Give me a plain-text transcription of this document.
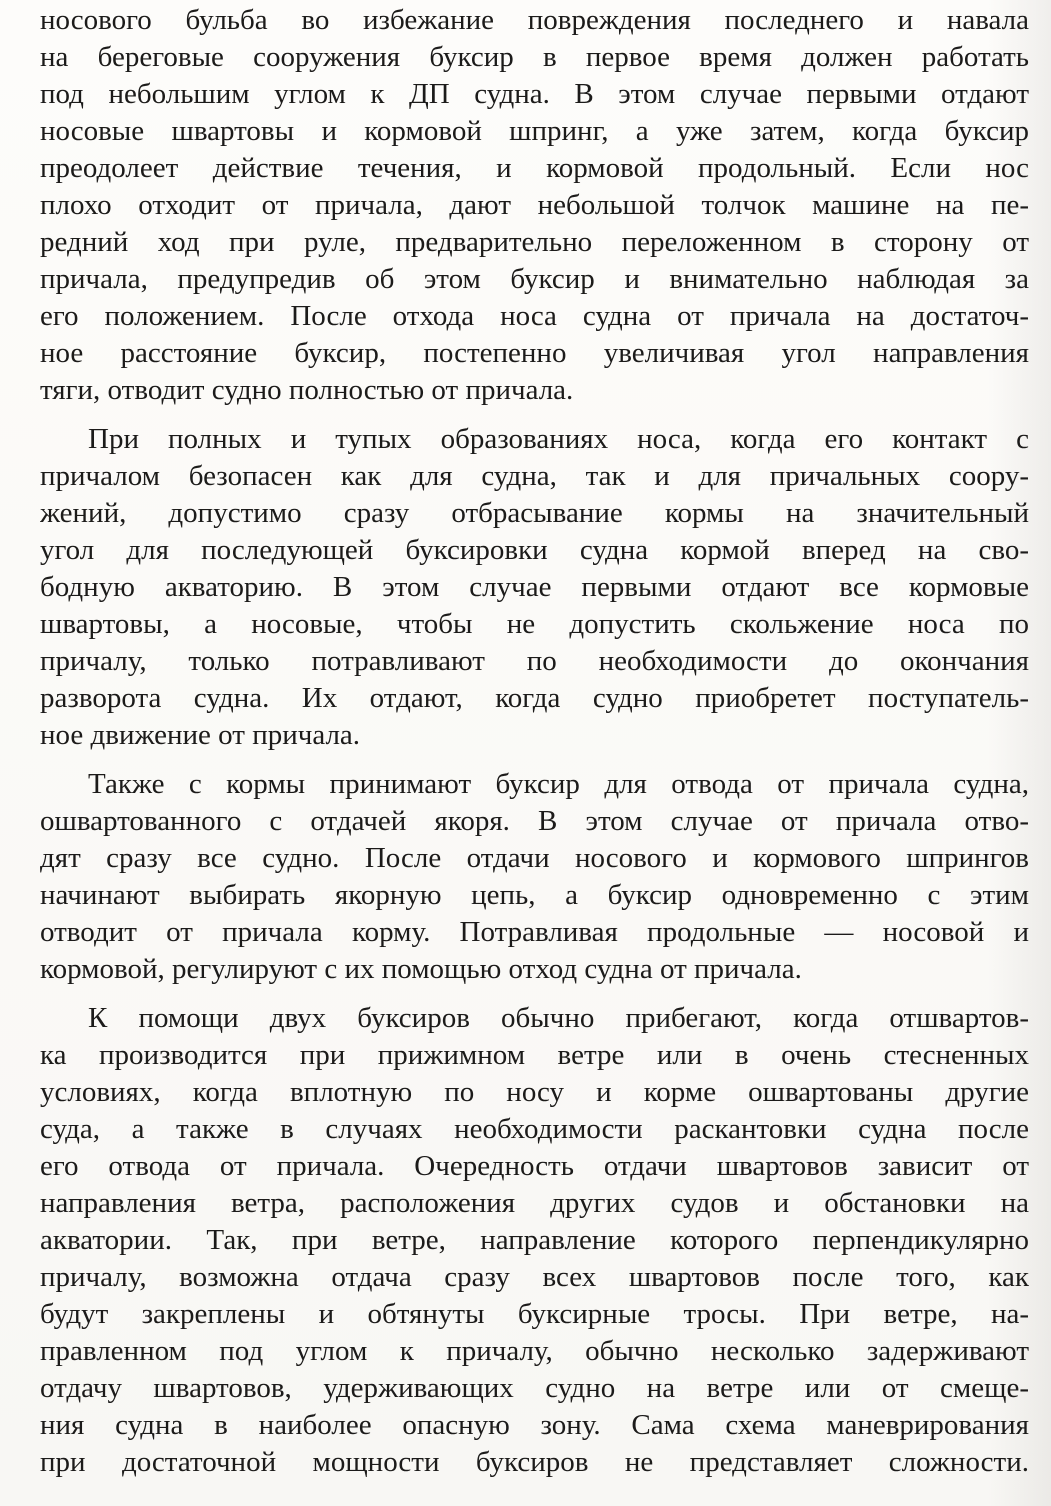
носового бульба во избежание повреждения последнего и навала
на береговые сооружения буксир в первое время должен работать
под небольшим углом к ДП судна. В этом случае первыми отдают
носовые швартовы и кормовой шпринг, а уже затем, когда буксир
преодолеет действие течения, и кормовой продольный. Если нос
плохо отходит от причала, дают небольшой толчок машине на пе-
редний ход при руле, предварительно переложенном в сторону от
причала, предупредив об этом буксир и внимательно наблюдая за
его положением. После отхода носа судна от причала на достаточ-
ное расстояние буксир, постепенно увеличивая угол направления
тяги, отводит судно полностью от причала.

При полных и тупых образованиях носа, когда его контакт с
причалом безопасен как для судна, так и для причальных соору-
жений, допустимо сразу отбрасывание кормы на значительный
угол для последующей буксировки судна кормой вперед на сво-
бодную акваторию. В этом случае первыми отдают все кормовые
швартовы, а носовые, чтобы не допустить скольжение носа по
причалу, только потравливают по необходимости до окончания
разворота судна. Их отдают, когда судно приобретет поступатель-
ное движение от причала.

Также с кормы принимают буксир для отвода от причала судна,
ошвартованного с отдачей якоря. В этом случае от причала отво-
дят сразу все судно. После отдачи носового и кормового шпрингов
начинают выбирать якорную цепь, а буксир одновременно с этим
отводит от причала корму. Потравливая продольные — носовой и
кормовой, регулируют с их помощью отход судна от причала.

К помощи двух буксиров обычно прибегают, когда отшвартов-
ка производится при прижимном ветре или в очень стесненных
условиях, когда вплотную по носу и корме ошвартованы другие
суда, а также в случаях необходимости раскантовки судна после
его отвода от причала. Очередность отдачи швартовов зависит от
направления ветра, расположения других судов и обстановки на
акватории. Так, при ветре, направление которого перпендикулярно
причалу, возможна отдача сразу всех швартовов после того, как
будут закреплены и обтянуты буксирные тросы. При ветре, на-
правленном под углом к причалу, обычно несколько задерживают
отдачу швартовов, удерживающих судно на ветре или от смеще-
ния судна в наиболее опасную зону. Сама схема маневрирования
при достаточной мощности буксиров не представляет сложности.
